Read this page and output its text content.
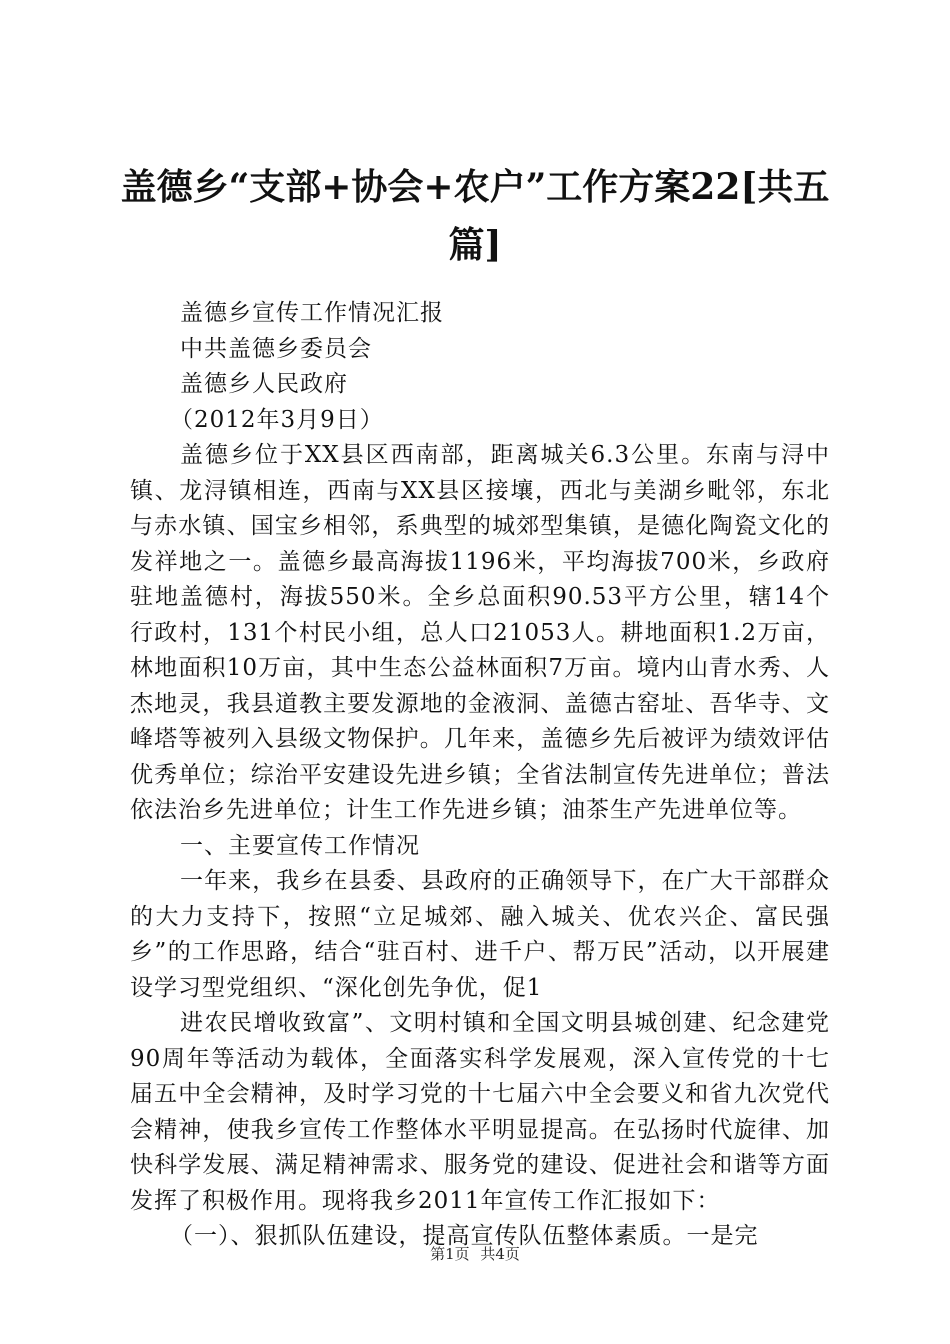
盖德乡“支部+协会+农户”工作方案22[共五篇]

盖德乡宣传工作情况汇报

中共盖德乡委员会

盖德乡人民政府

（2012年3月9日）

盖德乡位于XX县区西南部，距离城关6.3公里。东南与浔中镇、龙浔镇相连，西南与XX县区接壤，西北与美湖乡毗邻，东北与赤水镇、国宝乡相邻，系典型的城郊型集镇，是德化陶瓷文化的发祥地之一。盖德乡最高海拔1196米，平均海拔700米，乡政府驻地盖德村，海拔550米。全乡总面积90.53平方公里，辖14个行政村，131个村民小组，总人口21053人。耕地面积1.2万亩，林地面积10万亩，其中生态公益林面积7万亩。境内山青水秀、人杰地灵，我县道教主要发源地的金液洞、盖德古窑址、吾华寺、文峰塔等被列入县级文物保护。几年来，盖德乡先后被评为绩效评估优秀单位；综治平安建设先进乡镇；全省法制宣传先进单位；普法依法治乡先进单位；计生工作先进乡镇；油茶生产先进单位等。

一、主要宣传工作情况

一年来，我乡在县委、县政府的正确领导下，在广大干部群众的大力支持下，按照“立足城郊、融入城关、优农兴企、富民强乡”的工作思路，结合“驻百村、进千户、帮万民”活动，以开展建设学习型党组织、“深化创先争优，促1

进农民增收致富”、文明村镇和全国文明县城创建、纪念建党90周年等活动为载体，全面落实科学发展观，深入宣传党的十七届五中全会精神，及时学习党的十七届六中全会要义和省九次党代会精神，使我乡宣传工作整体水平明显提高。在弘扬时代旋律、加快科学发展、满足精神需求、服务党的建设、促进社会和谐等方面发挥了积极作用。现将我乡2011年宣传工作汇报如下：

（一）、狠抓队伍建设，提高宣传队伍整体素质。一是完

第1页 共4页
